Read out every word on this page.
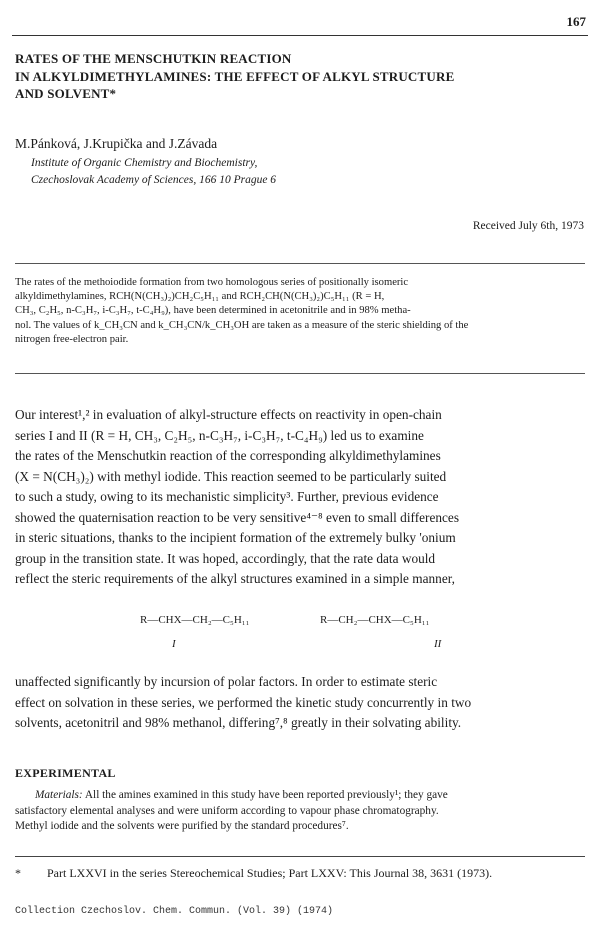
167
RATES OF THE MENSCHUTKIN REACTION
IN ALKYLDIMETHYLAMINES: THE EFFECT OF ALKYL STRUCTURE
AND SOLVENT*
M.Pánková, J.Krupička and J.Závada
Institute of Organic Chemistry and Biochemistry,
Czechoslovak Academy of Sciences, 166 10 Prague 6
Received July 6th, 1973
The rates of the methoiodide formation from two homologous series of positionally isomeric
alkyldimethylamines, RCH(N(CH₃)₂)CH₂C₅H₁₁ and RCH₂CH(N(CH₃)₂)C₅H₁₁ (R = H,
CH₃, C₂H₅, n-C₃H₇, i-C₃H₇, t-C₄H₉), have been determined in acetonitrile and in 98% metha-
nol. The values of k_CH₃CN and k_CH₃CN/k_CH₃OH are taken as a measure of the steric shielding of the
nitrogen free-electron pair.
Our interest¹,² in evaluation of alkyl-structure effects on reactivity in open-chain
series I and II (R = H, CH₃, C₂H₅, n-C₃H₇, i-C₃H₇, t-C₄H₉) led us to examine
the rates of the Menschutkin reaction of the corresponding alkyldimethylamines
(X = N(CH₃)₂) with methyl iodide. This reaction seemed to be particularly suited
to such a study, owing to its mechanistic simplicity³. Further, previous evidence
showed the quaternisation reaction to be very sensitive⁴⁻⁸ even to small differences
in steric situations, thanks to the incipient formation of the extremely bulky 'onium
group in the transition state. It was hoped, accordingly, that the rate data would
reflect the steric requirements of the alkyl structures examined in a simple manner,
R—CHX—CH₂—C₅H₁₁	R—CH₂—CHX—C₅H₁₁
I	II
unaffected significantly by incursion of polar factors. In order to estimate steric
effect on solvation in these series, we performed the kinetic study concurrently in two
solvents, acetonitril and 98% methanol, differing⁷,⁸ greatly in their solvating ability.
EXPERIMENTAL
Materials: All the amines examined in this study have been reported previously¹; they gave
satisfactory elemental analyses and were uniform according to vapour phase chromatography.
Methyl iodide and the solvents were purified by the standard procedures⁷.
* Part LXXVI in the series Stereochemical Studies; Part LXXV: This Journal 38, 3631 (1973).
Collection Czechoslov. Chem. Commun. (Vol. 39) (1974)
